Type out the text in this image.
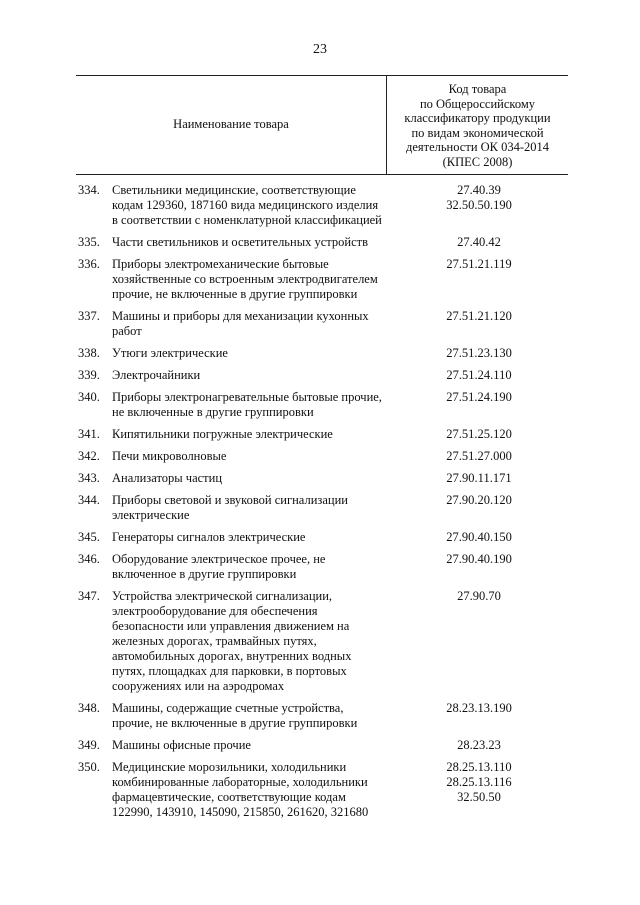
23
Наименование товара
Код товара
по Общероссийскому
классификатору продукции
по видам экономической
деятельности ОК 034-2014
(КПЕС 2008)
334. Светильники медицинские, соответствующие кодам 129360, 187160 вида медицинского изделия в соответствии с номенклатурной классификацией
27.40.39
32.50.50.190
335. Части светильников и осветительных устройств	27.40.42
336. Приборы электромеханические бытовые хозяйственные со встроенным электродвигателем прочие, не включенные в другие группировки
27.51.21.119
337. Машины и приборы для механизации кухонных работ
27.51.21.120
338. Утюги электрические	27.51.23.130
339. Электрочайники	27.51.24.110
340. Приборы электронагревательные бытовые прочие, не включенные в другие группировки
27.51.24.190
341. Кипятильники погружные электрические	27.51.25.120
342. Печи микроволновые	27.51.27.000
343. Анализаторы частиц	27.90.11.171
344. Приборы световой и звуковой сигнализации электрические
27.90.20.120
345. Генераторы сигналов электрические	27.90.40.150
346. Оборудование электрическое прочее, не включенное в другие группировки
27.90.40.190
347. Устройства электрической сигнализации, электрооборудование для обеспечения безопасности или управления движением на железных дорогах, трамвайных путях, автомобильных дорогах, внутренних водных путях, площадках для парковки, в портовых сооружениях или на аэродромах
27.90.70
348. Машины, содержащие счетные устройства, прочие, не включенные в другие группировки
28.23.13.190
349. Машины офисные прочие	28.23.23
350. Медицинские морозильники, холодильники комбинированные лабораторные, холодильники фармацевтические, соответствующие кодам 122990, 143910, 145090, 215850, 261620, 321680
28.25.13.110
28.25.13.116
32.50.50
